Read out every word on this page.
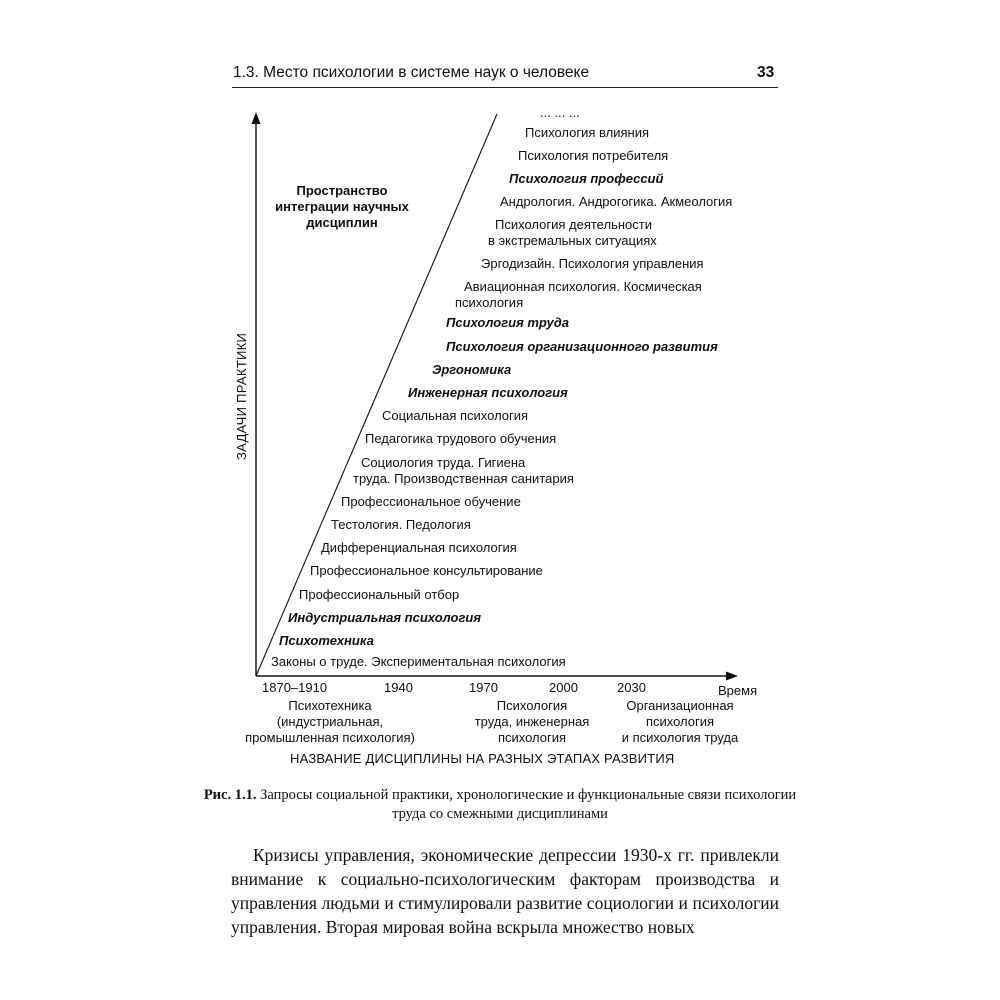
1.3. Место психологии в системе наук о человеке	33
ЗАДАЧИ ПРАКТИКИ
Пространство интеграции научных дисциплин
... ... ...
Психология влияния
Психология потребителя
Психология профессий
Андрология. Андрогогика. Акмеология
Психология деятельности
в экстремальных ситуациях
Эргодизайн. Психология управления
Авиационная психология. Космическая
психология
Психология труда
Психология организационного развития
Эргономика
Инженерная психология
Социальная психология
Педагогика трудового обучения
Социология труда. Гигиена
труда. Производственная санитария
Профессиональное обучение
Тестология. Педология
Дифференциальная психология
Профессиональное консультирование
Профессиональный отбор
Индустриальная психология
Психотехника
Законы о труде. Экспериментальная психология
1870–1910	1940	1970	2000	2030	Время
Психотехника
(индустриальная,
промышленная психология)
Психология
труда, инженерная
психология
Организационная
психология
и психология труда
НАЗВАНИЕ ДИСЦИПЛИНЫ НА РАЗНЫХ ЭТАПАХ РАЗВИТИЯ
Рис. 1.1. Запросы социальной практики, хронологические и функциональные связи психологии труда со смежными дисциплинами
Кризисы управления, экономические депрессии 1930-х гг. привлекли внимание к социально-психологическим факторам производства и управления людьми и стимулировали развитие социологии и психологии управления. Вторая мировая война вскрыла множество новых
